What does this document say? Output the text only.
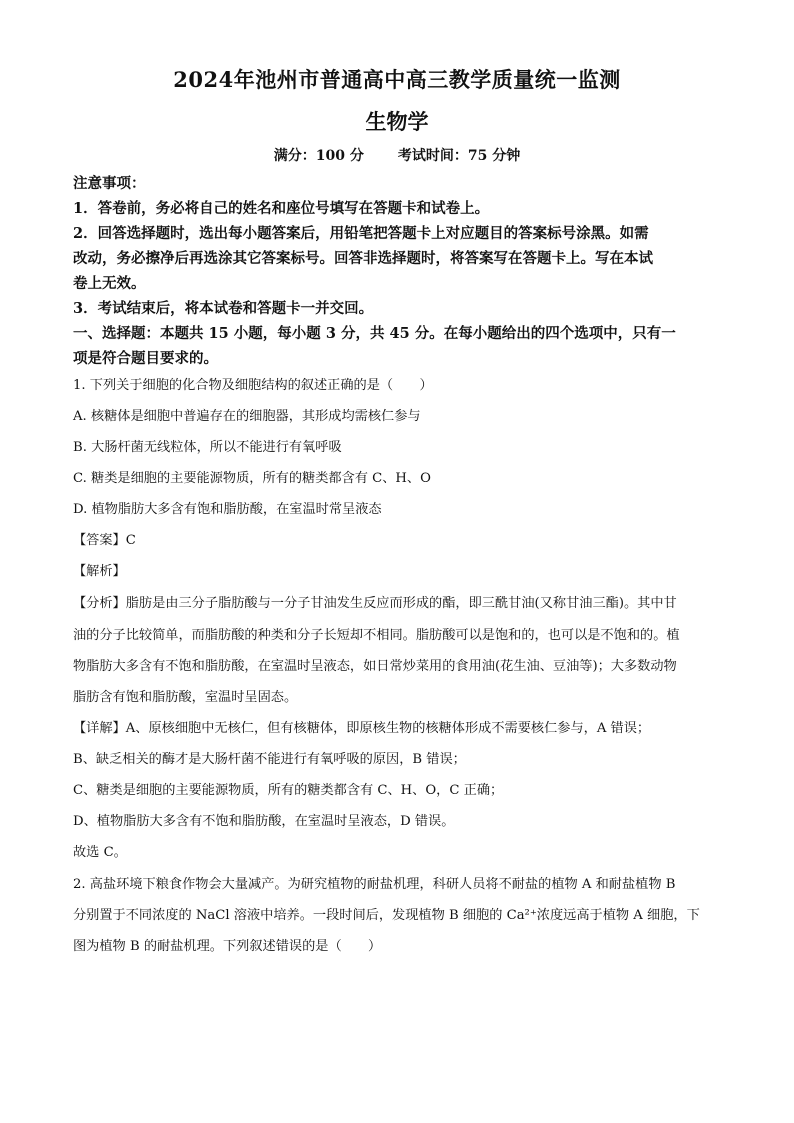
2024年池州市普通高中高三教学质量统一监测
生物学
满分：100 分 考试时间：75 分钟
注意事项：
1．答卷前，务必将自己的姓名和座位号填写在答题卡和试卷上。
2．回答选择题时，选出每小题答案后，用铅笔把答题卡上对应题目的答案标号涂黑。如需
改动，务必擦净后再选涂其它答案标号。回答非选择题时，将答案写在答题卡上。写在本试
卷上无效。
3．考试结束后，将本试卷和答题卡一并交回。
一、选择题：本题共 15 小题，每小题 3 分，共 45 分。在每小题给出的四个选项中，只有一
项是符合题目要求的。
1. 下列关于细胞的化合物及细胞结构的叙述正确的是（　　）
A. 核糖体是细胞中普遍存在的细胞器，其形成均需核仁参与
B. 大肠杆菌无线粒体，所以不能进行有氧呼吸
C. 糖类是细胞的主要能源物质，所有的糖类都含有 C、H、O
D. 植物脂肪大多含有饱和脂肪酸，在室温时常呈液态
【答案】C
【解析】
【分析】脂肪是由三分子脂肪酸与一分子甘油发生反应而形成的酯，即三酰甘油(又称甘油三酯)。其中甘
油的分子比较简单，而脂肪酸的种类和分子长短却不相同。脂肪酸可以是饱和的，也可以是不饱和的。植
物脂肪大多含有不饱和脂肪酸，在室温时呈液态，如日常炒菜用的食用油(花生油、豆油等)；大多数动物
脂肪含有饱和脂肪酸，室温时呈固态。
【详解】A、原核细胞中无核仁，但有核糖体，即原核生物的核糖体形成不需要核仁参与，A 错误；
B、缺乏相关的酶才是大肠杆菌不能进行有氧呼吸的原因，B 错误；
C、糖类是细胞的主要能源物质，所有的糖类都含有 C、H、O，C 正确；
D、植物脂肪大多含有不饱和脂肪酸，在室温时呈液态，D 错误。
故选 C。
2. 高盐环境下粮食作物会大量减产。为研究植物的耐盐机理，科研人员将不耐盐的植物 A 和耐盐植物 B
分别置于不同浓度的 NaCl 溶液中培养。一段时间后，发现植物 B 细胞的 Ca²⁺浓度远高于植物 A 细胞，下
图为植物 B 的耐盐机理。下列叙述错误的是（　　）
